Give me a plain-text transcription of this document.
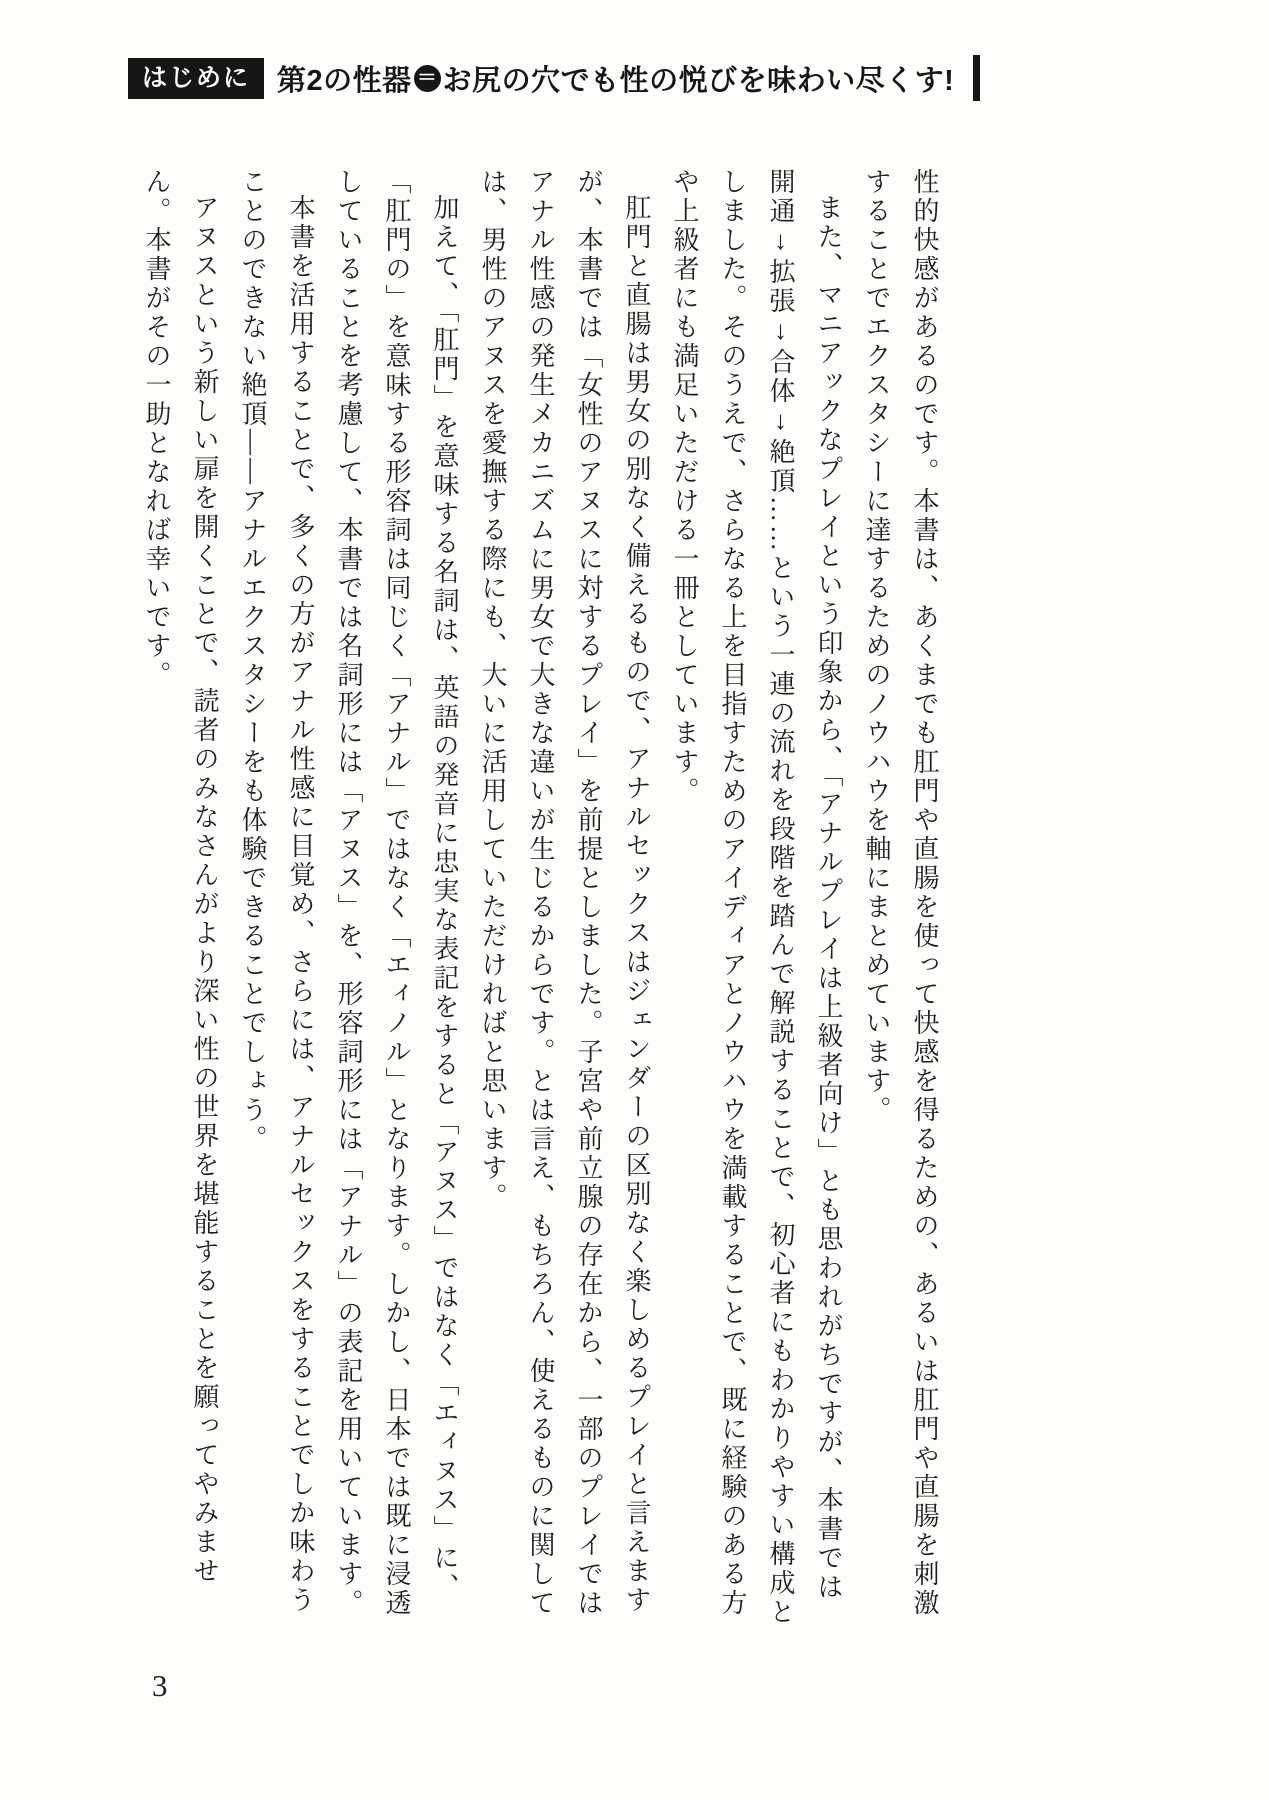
はじめに 第2の性器 ＝ お尻の穴でも性の悦びを味わい尽くす!

性的快感があるのです。本書は、あくまでも肛門や直腸を使って快感を得るための、あるいは肛門や直腸を刺激することでエクスタシーに達するためのノウハウを軸にまとめています。

また、マニアックなプレイという印象から、「アナルプレイは上級者向け」とも思われがちですが、本書では開通↓拡張↓合体↓絶頂……という一連の流れを段階を踏んで解説することで、初心者にもわかりやすい構成としました。そのうえで、さらなる上を目指すためのアイディアとノウハウを満載することで、既に経験のある方や上級者にも満足いただける一冊としています。

肛門と直腸は男女の別なく備えるもので、アナルセックスはジェンダーの区別なく楽しめるプレイと言えますが、本書では「女性のアヌスに対するプレイ」を前提としました。子宮や前立腺の存在から、一部のプレイではアナル性感の発生メカニズムに男女で大きな違いが生じるからです。とは言え、もちろん、使えるものに関しては、男性のアヌスを愛撫する際にも、大いに活用していただければと思います。

加えて、「肛門」を意味する名詞は、英語の発音に忠実な表記をすると「アヌス」ではなく「エィヌス」に、「肛門の」を意味する形容詞は同じく「アナル」ではなく「エィノル」となります。しかし、日本では既に浸透していることを考慮して、本書では名詞形には「アヌス」を、形容詞形には「アナル」の表記を用いています。

本書を活用することで、多くの方がアナル性感に目覚め、さらには、アナルセックスをすることでしか味わうことのできない絶頂——アナルエクスタシーをも体験できることでしょう。

アヌスという新しい扉を開くことで、読者のみなさんがより深い性の世界を堪能することを願ってやみません。本書がその一助となれば幸いです。

3
